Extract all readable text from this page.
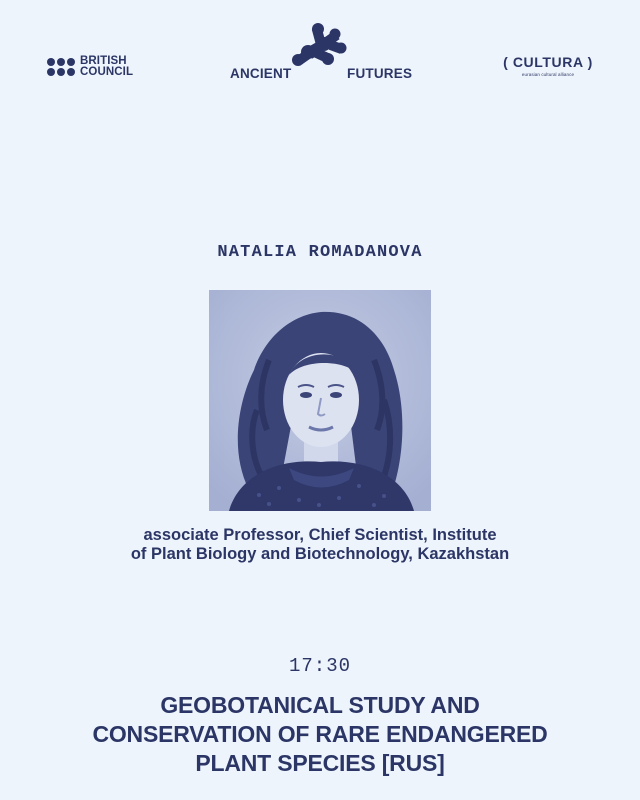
BRITISH
COUNCIL	ANCIENT	FUTURES
( CULTURA )
eurasian cultural alliance
NATALIA ROMADANOVA
associate Professor, Chief Scientist, Institute
of Plant Biology and Biotechnology, Kazakhstan
17:30
GEOBOTANICAL STUDY AND
CONSERVATION OF RARE ENDANGERED
PLANT SPECIES [RUS]
